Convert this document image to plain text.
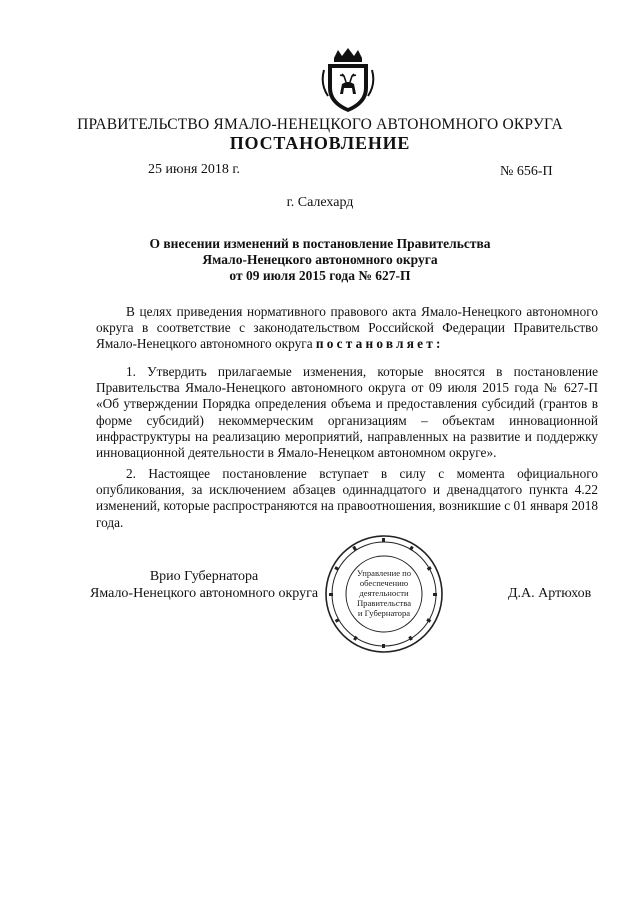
ПРАВИТЕЛЬСТВО ЯМАЛО-НЕНЕЦКОГО АВТОНОМНОГО ОКРУГА
ПОСТАНОВЛЕНИЕ
25 июня 2018 г.	№ 656-П
г. Салехард
О внесении изменений в постановление Правительства
Ямало-Ненецкого автономного округа
от 09 июля 2015 года № 627-П

В целях приведения нормативного правового акта Ямало-Ненецкого автономного округа в соответствие с законодательством Российской Федерации Правительство Ямало-Ненецкого автономного округа постановляет:

1. Утвердить прилагаемые изменения, которые вносятся в постановление Правительства Ямало-Ненецкого автономного округа от 09 июля 2015 года № 627-П «Об утверждении Порядка определения объема и предоставления субсидий (грантов в форме субсидий) некоммерческим организациям – объектам инновационной инфраструктуры на реализацию мероприятий, направленных на развитие и поддержку инновационной деятельности в Ямало-Ненецком автономном округе».

2. Настоящее постановление вступает в силу с момента официального опубликования, за исключением абзацев одиннадцатого и двенадцатого пункта 4.22 изменений, которые распространяются на правоотношения, возникшие с 01 января 2018 года.

Врио Губернатора
Ямало-Ненецкого автономного округа
Управление по
обеспечению
деятельности
Правительства
и Губернатора
Д.А. Артюхов
